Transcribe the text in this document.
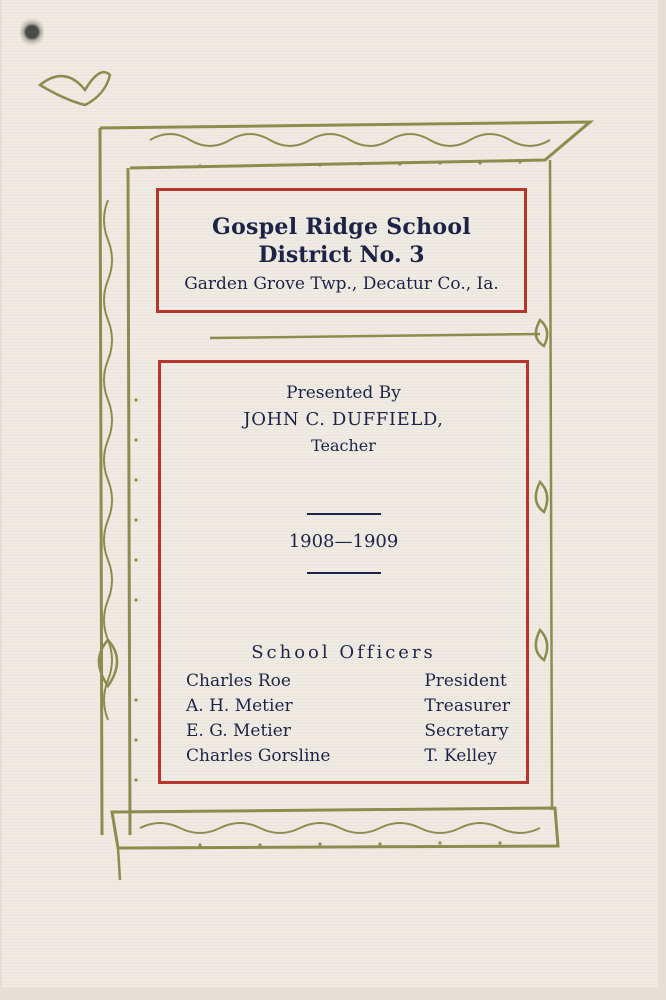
Gospel Ridge School
District No. 3
Garden Grove Twp., Decatur Co., Ia.
Presented By
JOHN C. DUFFIELD,
Teacher
1908—1909
School Officers
Charles Roe	President
A. H. Metier	Treasurer
E. G. Metier	Secretary
Charles Gorsline	T. Kelley
